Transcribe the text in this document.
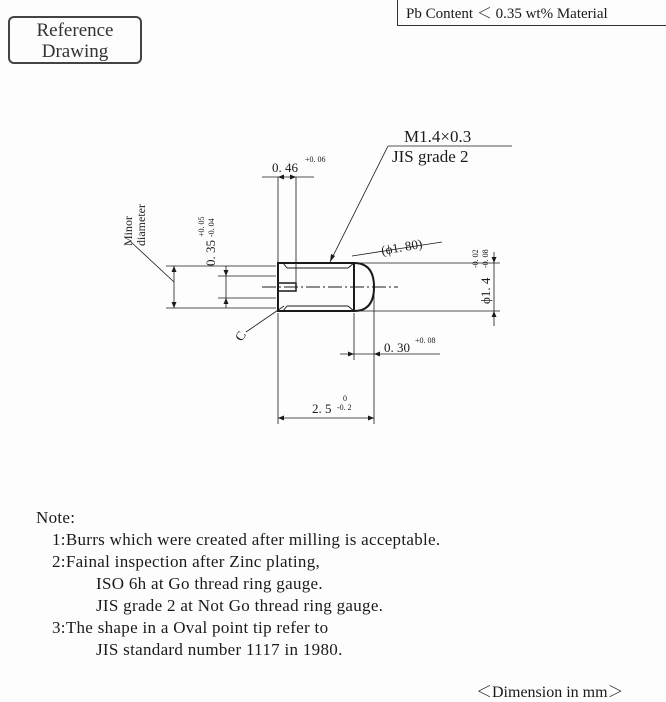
Reference
Drawing
Pb Content ＜ 0.35 wt% Material
M1.4×0.3
JIS grade 2
0. 46
+0. 06
0. 35
+0. 05 -0. 04
Minor diameter
(ϕ1. 80)
ϕ1. 4
-0. 02 -0. 08
C
0. 30 +0. 08
2. 5
0
-0. 2
Note:
1:Burrs which were created after milling is acceptable.
2:Fainal inspection after Zinc plating,
ISO 6h at Go thread ring gauge.
JIS grade 2 at Not Go thread ring gauge.
3:The shape in a Oval point tip refer to
JIS standard number 1117 in 1980.
＜Dimension in mm＞
